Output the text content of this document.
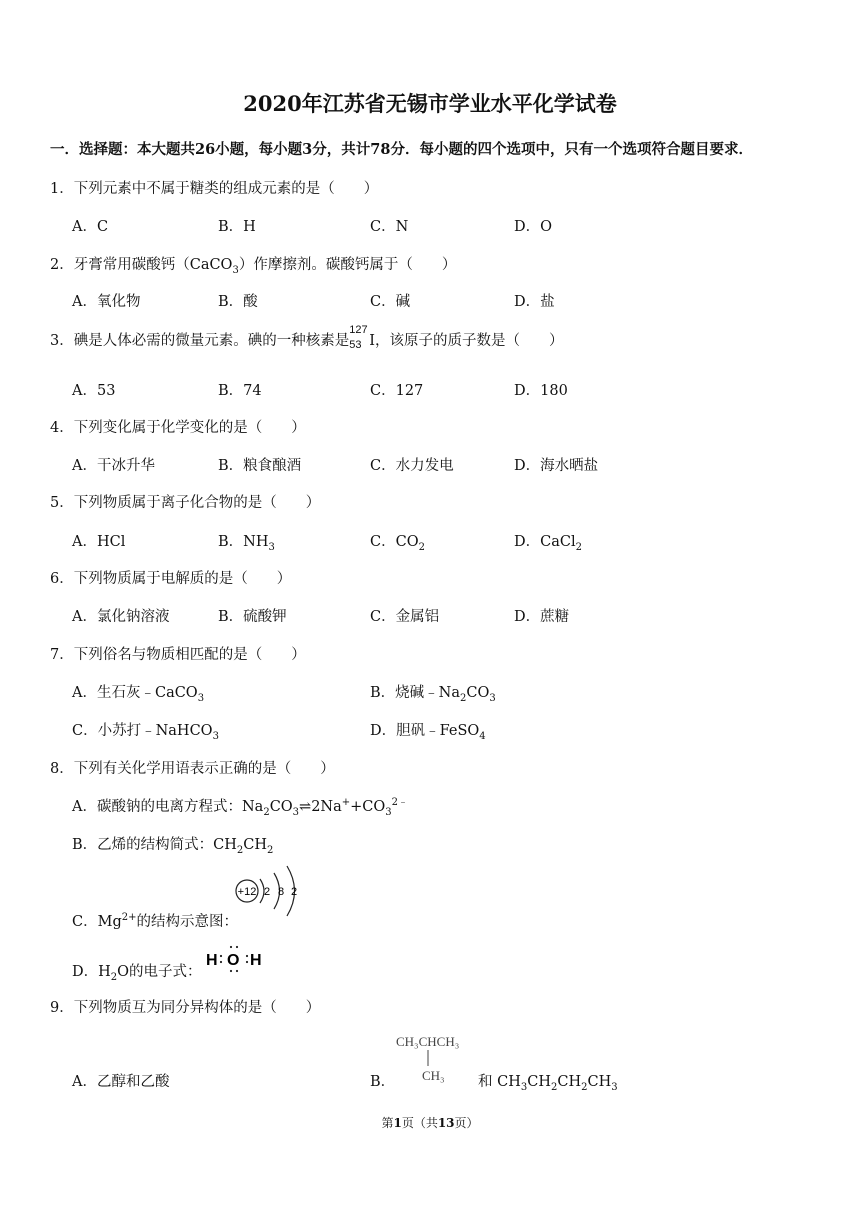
2020年江苏省无锡市学业水平化学试卷
一．选择题：本大题共26小题，每小题3分，共计78分．每小题的四个选项中，只有一个选项符合题目要求．
1．下列元素中不属于糖类的组成元素的是（　　）
A．C	B．H	C．N	D．O
2．牙膏常用碳酸钙（CaCO$_3$）作摩擦剂。碳酸钙属于（　　）
A．氧化物	B．酸	C．碱	D．盐
3．碘是人体必需的微量元素。碘的一种核素是
127
53 I，该原子的质子数是（　　）
A．53	B．74	C．127	D．180
4．下列变化属于化学变化的是（　　）
A．干冰升华	B．粮食酿酒	C．水力发电	D．海水晒盐
5．下列物质属于离子化合物的是（　　）
A．HCl	B．$NH_3$	C．$CO_2$	D．CaCl$_2$
6．下列物质属于电解质的是（　　）
A．氯化钠溶液	B．硫酸钾	C．金属铝	D．蔗糖
7．下列俗名与物质相匹配的是（　　）
A．生石灰﹣CaCO$_3$	B．烧碱$﹣Na_2CO_3$
C．小苏打﹣NaHCO$_3$	D．胆矾﹣FeSO$_4$
8．下列有关化学用语表示正确的是（　　）
A．碳酸钠的电离方程式：$Na_2CO_3\rightleftharpoons 2Na^++CO_3^{2﹣}$
B．乙烯的结构简式：$CH_2CH_2$
C．$Mg^{2+}$的结构示意图：
+12 2 8 2
D．$H_2O$的电子式：
H O H
9．下列物质互为同分异构体的是（　　）
A．乙醇和乙酸	B．
CH₃CHCH₃
CH₃ 和 $CH_3CH_2CH_2CH_3$
第1页（共13页）
